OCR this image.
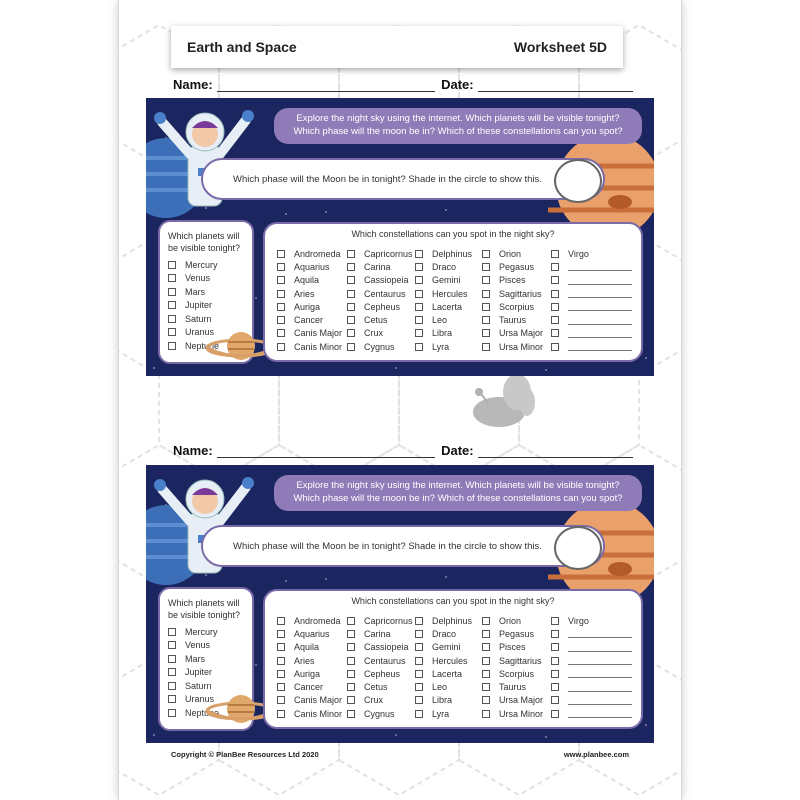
Earth and Space	Worksheet 5D
Name:	Date:
Explore the night sky using the internet. Which planets will be visible tonight?
Which phase will the moon be in? Which of these constellations can you spot?
Which phase will the Moon be in tonight? Shade in the circle to show this.
Which planets will
be visible tonight?
Mercury
Venus
Mars
Jupiter
Saturn
Uranus
Neptune
Which constellations can you spot in the night sky?
Andromeda
Aquarius
Aquila
Aries
Auriga
Cancer
Canis Major
Canis Minor
Capricornus
Carina
Cassiopeia
Centaurus
Cepheus
Cetus
Crux
Cygnus
Delphinus
Draco
Gemini
Hercules
Lacerta
Leo
Libra
Lyra
Orion
Pegasus
Pisces
Sagittarius
Scorpius
Taurus
Ursa Major
Ursa Minor
Virgo
Name:	Date:
Explore the night sky using the internet. Which planets will be visible tonight?
Which phase will the moon be in? Which of these constellations can you spot?
Which phase will the Moon be in tonight? Shade in the circle to show this.
Which planets will
be visible tonight?
Mercury
Venus
Mars
Jupiter
Saturn
Uranus
Neptune
Which constellations can you spot in the night sky?
Andromeda
Aquarius
Aquila
Aries
Auriga
Cancer
Canis Major
Canis Minor
Capricornus
Carina
Cassiopeia
Centaurus
Cepheus
Cetus
Crux
Cygnus
Delphinus
Draco
Gemini
Hercules
Lacerta
Leo
Libra
Lyra
Orion
Pegasus
Pisces
Sagittarius
Scorpius
Taurus
Ursa Major
Ursa Minor
Virgo
Copyright © PlanBee Resources Ltd 2020	www.planbee.com
